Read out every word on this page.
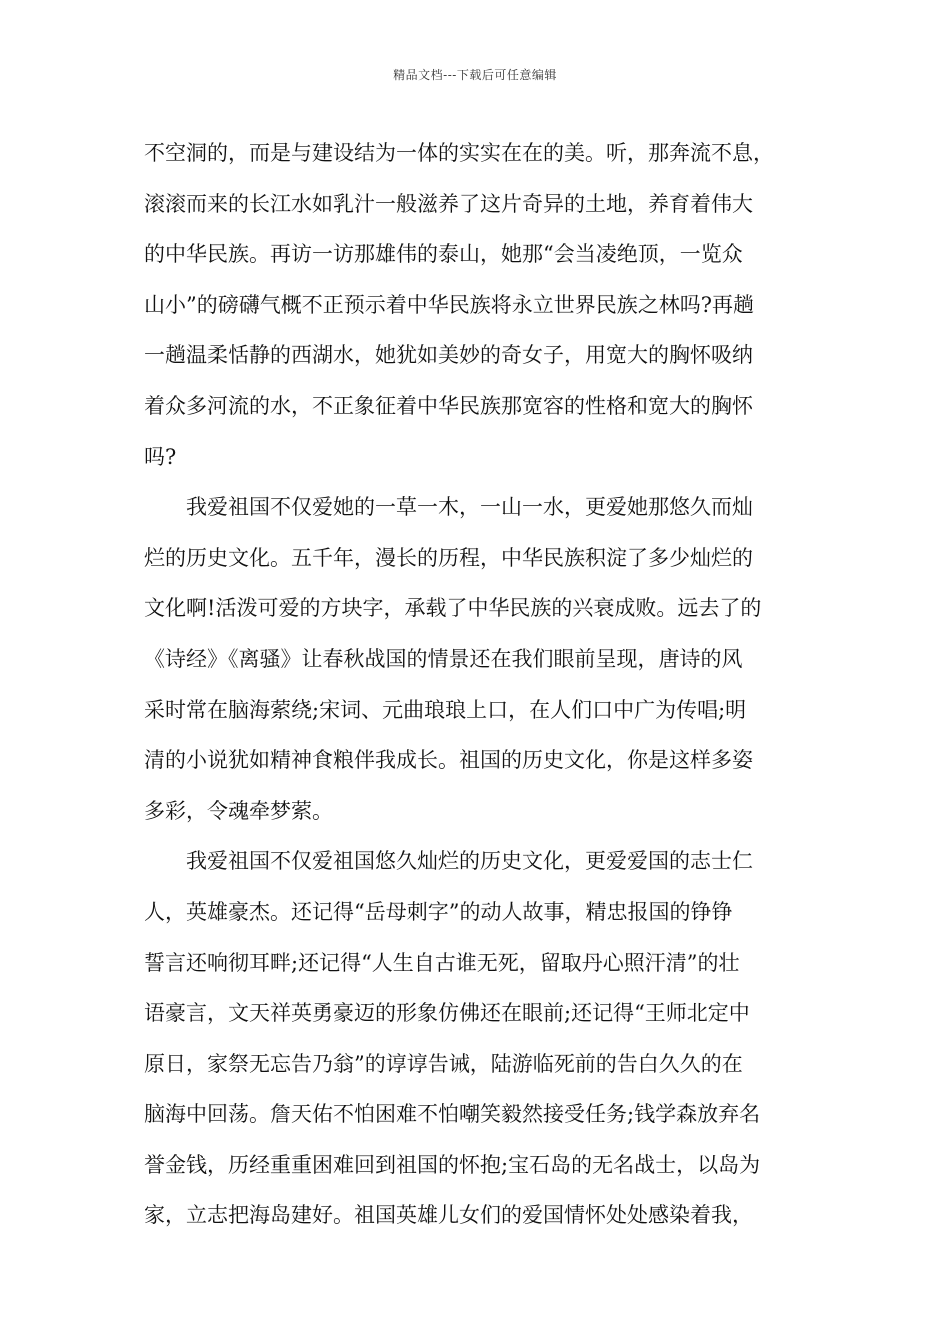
精品文档---下载后可任意编辑

不空洞的，而是与建设结为一体的实实在在的美。听，那奔流不息，
滚滚而来的长江水如乳汁一般滋养了这片奇异的土地，养育着伟大
的中华民族。再访一访那雄伟的泰山，她那“会当凌绝顶，一览众
山小”的磅礴气概不正预示着中华民族将永立世界民族之林吗?再趟
一趟温柔恬静的西湖水，她犹如美妙的奇女子，用宽大的胸怀吸纳
着众多河流的水，不正象征着中华民族那宽容的性格和宽大的胸怀
吗?

我爱祖国不仅爱她的一草一木，一山一水，更爱她那悠久而灿
烂的历史文化。五千年，漫长的历程，中华民族积淀了多少灿烂的
文化啊!活泼可爱的方块字，承载了中华民族的兴衰成败。远去了的
《诗经》《离骚》让春秋战国的情景还在我们眼前呈现，唐诗的风
采时常在脑海萦绕;宋词、元曲琅琅上口，在人们口中广为传唱;明
清的小说犹如精神食粮伴我成长。祖国的历史文化，你是这样多姿
多彩，令魂牵梦萦。

我爱祖国不仅爱祖国悠久灿烂的历史文化，更爱爱国的志士仁
人，英雄豪杰。还记得“岳母刺字”的动人故事，精忠报国的铮铮
誓言还响彻耳畔;还记得“人生自古谁无死，留取丹心照汗清”的壮
语豪言，文天祥英勇豪迈的形象仿佛还在眼前;还记得“王师北定中
原日，家祭无忘告乃翁”的谆谆告诫，陆游临死前的告白久久的在
脑海中回荡。詹天佑不怕困难不怕嘲笑毅然接受任务;钱学森放弃名
誉金钱，历经重重困难回到祖国的怀抱;宝石岛的无名战士，以岛为
家，立志把海岛建好。祖国英雄儿女们的爱国情怀处处感染着我，
